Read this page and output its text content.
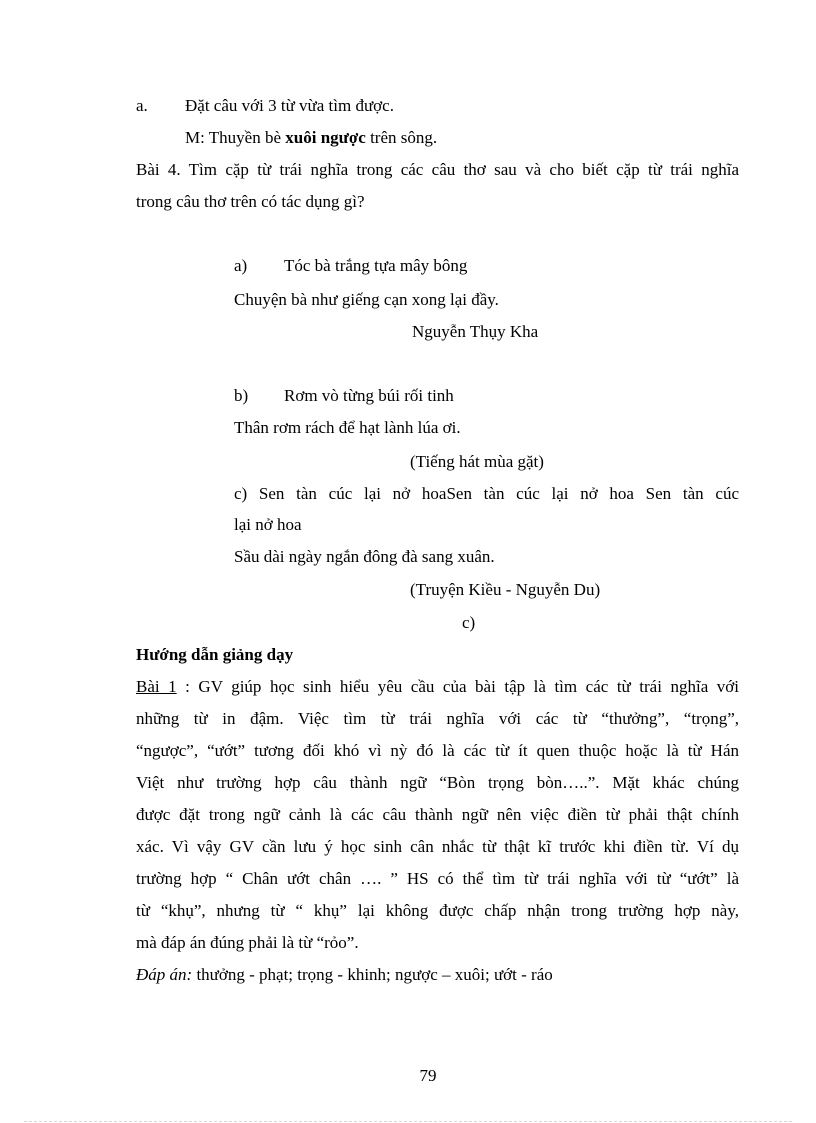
a. Đặt câu với 3 từ vừa tìm được.
M: Thuyền bè xuôi ngược trên sông.
Bài 4. Tìm cặp từ trái nghĩa trong các câu thơ sau và cho biết cặp từ trái nghĩa
trong câu thơ trên có tác dụng gì?
a) Tóc bà trắng tựa mây bông
Chuyện bà như giếng cạn xong lại đầy.
Nguyễn Thụy Kha
b) Rơm vò từng búi rối tinh
Thân rơm rách để hạt lành lúa ơi.
(Tiếng hát mùa gặt)
c) Sen tàn cúc lại nở hoaSen tàn cúc lại nở hoa Sen tàn cúc
lại nở hoa
Sầu dài ngày ngắn đông đà sang xuân.
(Truyện Kiều - Nguyễn Du)
c)
Hướng dẫn giảng dạy
Bài 1 : GV giúp học sinh hiểu yêu cầu của bài tập là tìm các từ trái nghĩa với
những từ in đậm. Việc tìm từ trái nghĩa với các từ “thưởng”, “trọng”,
“ngược”, “ướt” tương đối khó vì nỳ đó là các từ ít quen thuộc hoặc là từ Hán
Việt như trường hợp câu thành ngữ “Bòn trọng bòn…..”. Mặt khác chúng
được đặt trong ngữ cảnh là các câu thành ngữ nên việc điền từ phải thật chính
xác. Vì vậy GV cần lưu ý học sinh cân nhắc từ thật kĩ trước khi điền từ. Ví dụ
trường hợp “ Chân ướt chân …. ” HS có thể tìm từ trái nghĩa với từ “ướt” là
từ “khụ”, nhưng từ “ khụ” lại không được chấp nhận trong trường hợp này,
mà đáp án đúng phải là từ “rỏo”.
Đáp án: thưởng - phạt; trọng - khinh; ngược – xuôi; ướt - ráo
79
